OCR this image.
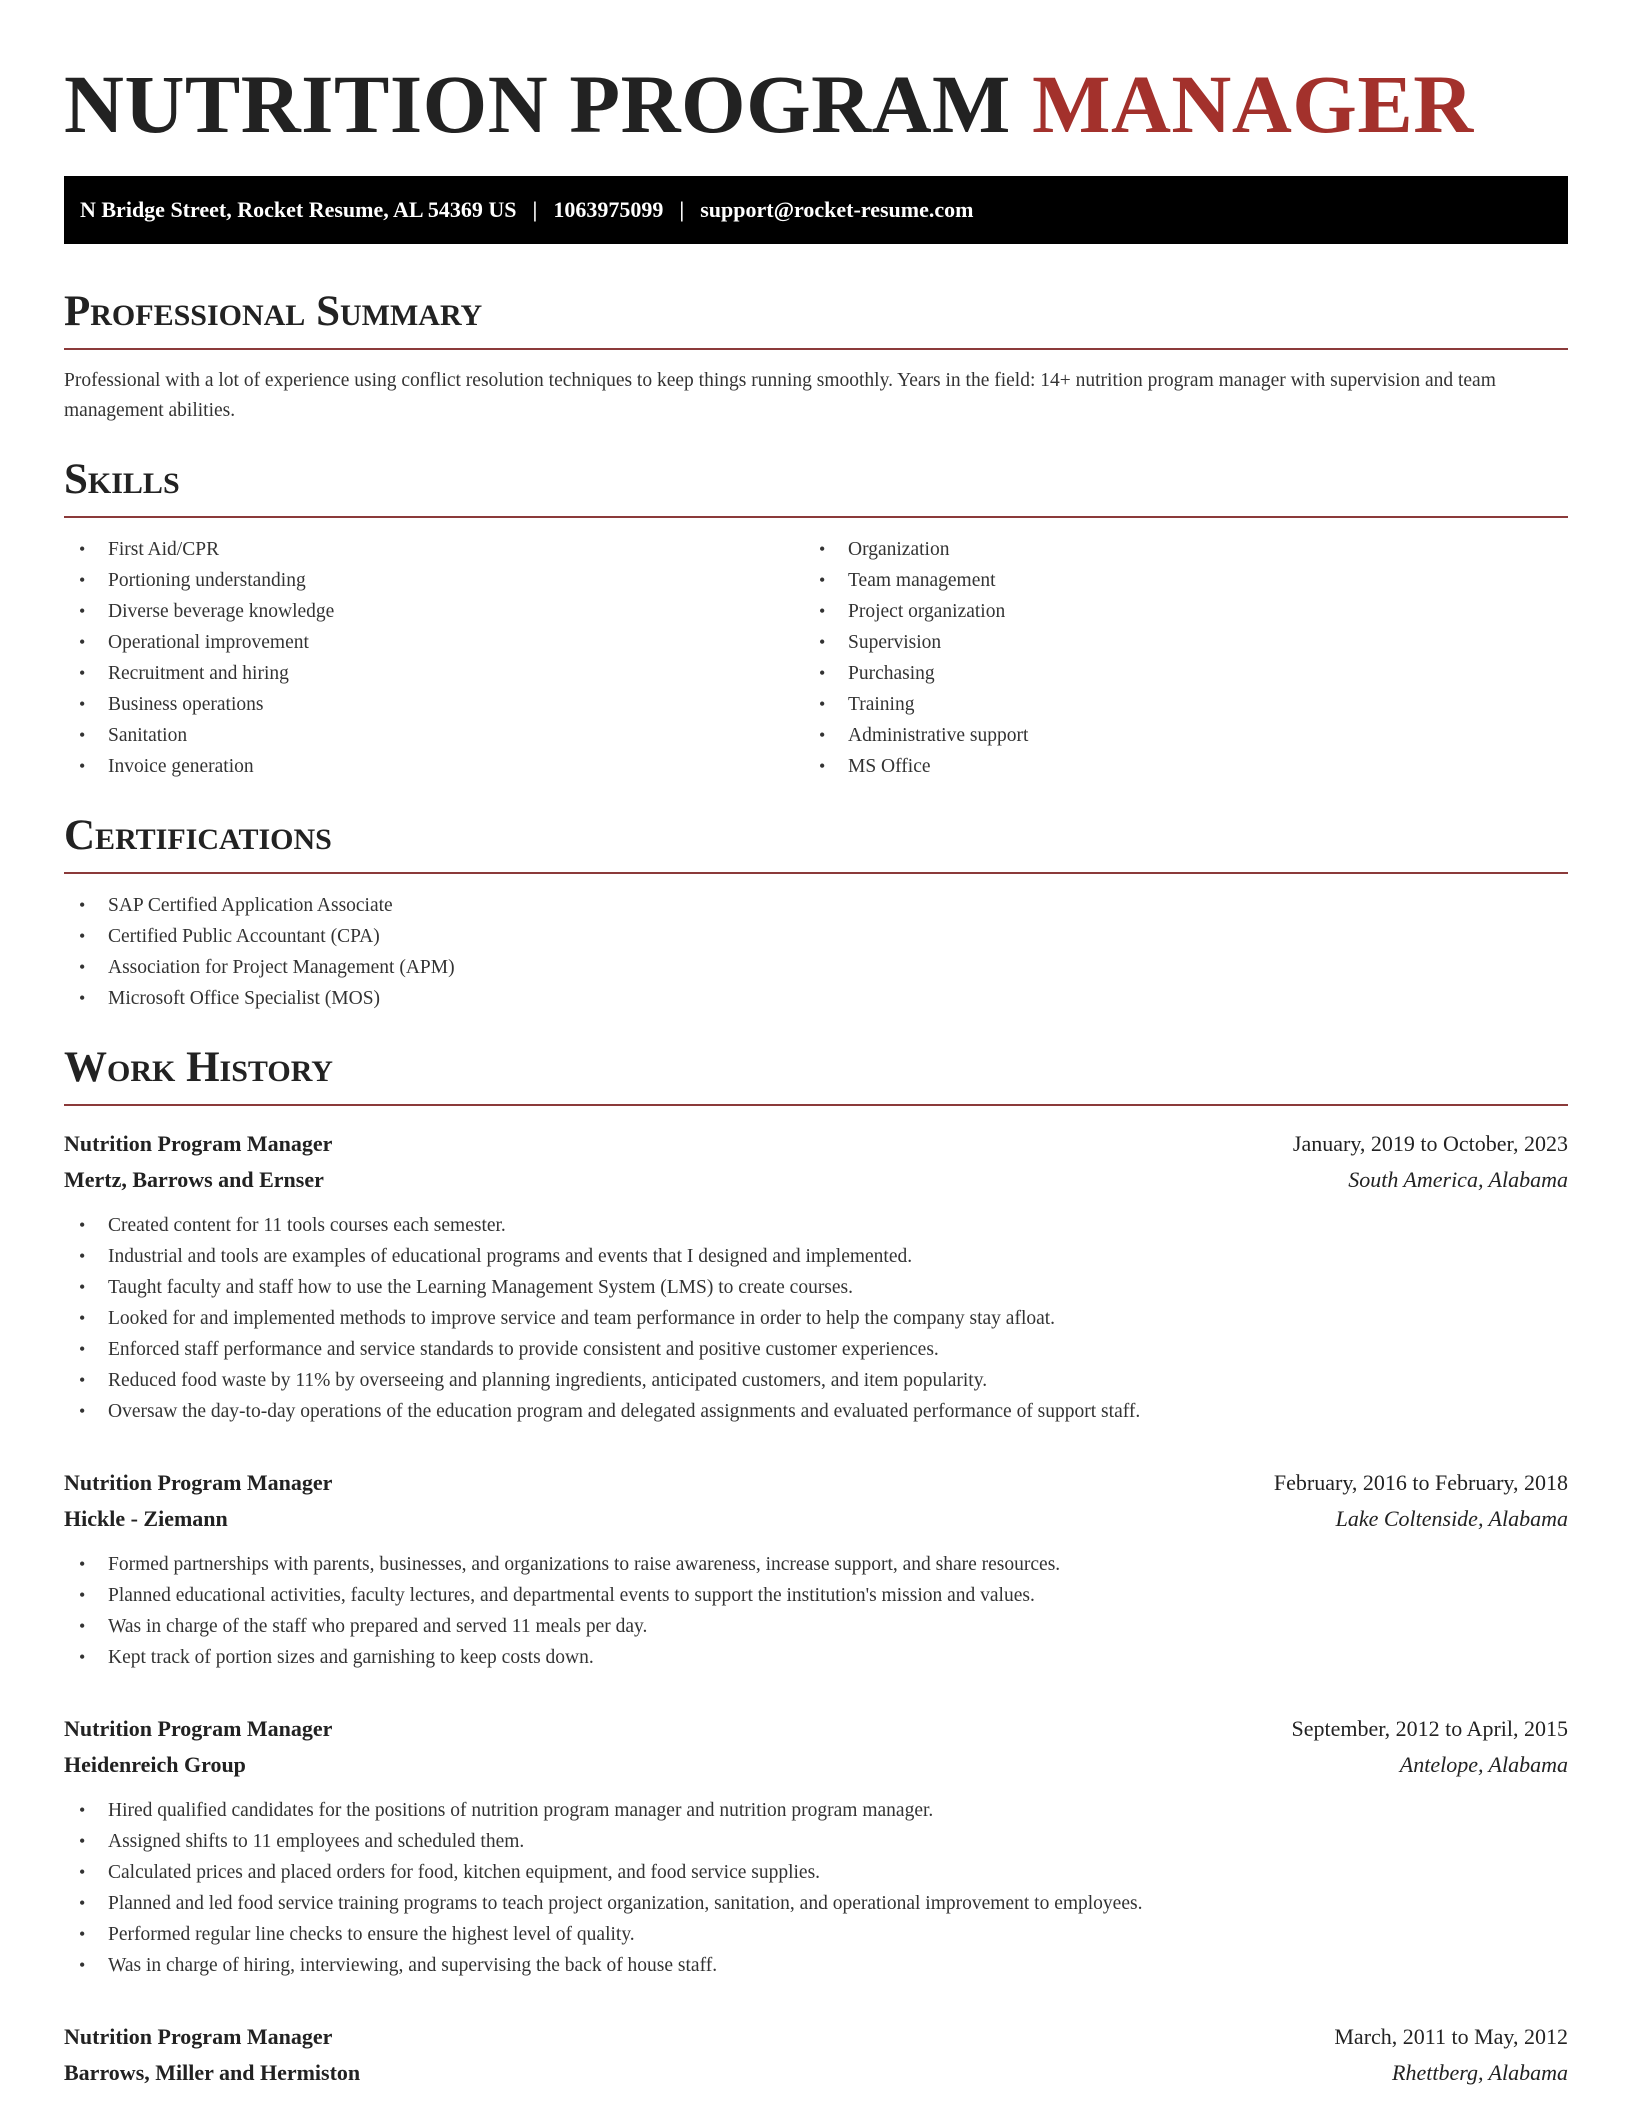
NUTRITION PROGRAM MANAGER
N Bridge Street, Rocket Resume, AL 54369 US | 1063975099 | support@rocket-resume.com
Professional Summary

Professional with a lot of experience using conflict resolution techniques to keep things running smoothly. Years in the field: 14+ nutrition program manager with supervision and team management abilities.

Skills
• First Aid/CPR
• Portioning understanding
• Diverse beverage knowledge
• Operational improvement
• Recruitment and hiring
• Business operations
• Sanitation
• Invoice generation
• Organization
• Team management
• Project organization
• Supervision
• Purchasing
• Training
• Administrative support
• MS Office
Certifications
• SAP Certified Application Associate
• Certified Public Accountant (CPA)
• Association for Project Management (APM)
• Microsoft Office Specialist (MOS)
Work History
Nutrition Program Manager	January, 2019 to October, 2023
Mertz, Barrows and Ernser	South America, Alabama
• Created content for 11 tools courses each semester.
• Industrial and tools are examples of educational programs and events that I designed and implemented.
• Taught faculty and staff how to use the Learning Management System (LMS) to create courses.
• Looked for and implemented methods to improve service and team performance in order to help the company stay afloat.
• Enforced staff performance and service standards to provide consistent and positive customer experiences.
• Reduced food waste by 11% by overseeing and planning ingredients, anticipated customers, and item popularity.
• Oversaw the day-to-day operations of the education program and delegated assignments and evaluated performance of support staff.
Nutrition Program Manager	February, 2016 to February, 2018
Hickle - Ziemann	Lake Coltenside, Alabama
• Formed partnerships with parents, businesses, and organizations to raise awareness, increase support, and share resources.
• Planned educational activities, faculty lectures, and departmental events to support the institution's mission and values.
• Was in charge of the staff who prepared and served 11 meals per day.
• Kept track of portion sizes and garnishing to keep costs down.
Nutrition Program Manager	September, 2012 to April, 2015
Heidenreich Group	Antelope, Alabama
• Hired qualified candidates for the positions of nutrition program manager and nutrition program manager.
• Assigned shifts to 11 employees and scheduled them.
• Calculated prices and placed orders for food, kitchen equipment, and food service supplies.
• Planned and led food service training programs to teach project organization, sanitation, and operational improvement to employees.
• Performed regular line checks to ensure the highest level of quality.
• Was in charge of hiring, interviewing, and supervising the back of house staff.
Nutrition Program Manager	March, 2011 to May, 2012
Barrows, Miller and Hermiston	Rhettberg, Alabama
